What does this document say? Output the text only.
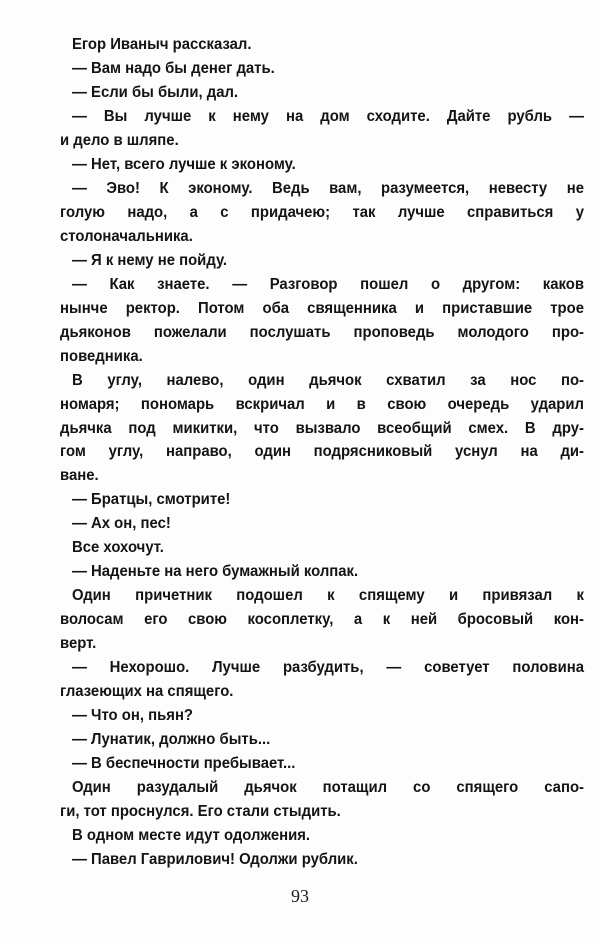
Егор Иваныч рассказал.
— Вам надо бы денег дать.
— Если бы были, дал.
— Вы лучше к нему на дом сходите. Дайте рубль —
и дело в шляпе.
— Нет, всего лучше к эконому.
— Эво! К эконому. Ведь вам, разумеется, невесту не
голую надо, а с придачею; так лучше справиться у
столоначальника.
— Я к нему не пойду.
— Как знаете. — Разговор пошел о другом: каков
нынче ректор. Потом оба священника и приставшие трое
дьяконов пожелали послушать проповедь молодого про-
поведника.
В углу, налево, один дьячок схватил за нос по-
номаря; пономарь вскричал и в свою очередь ударил
дьячка под микитки, что вызвало всеобщий смех. В дру-
гом углу, направо, один подрясниковый уснул на ди-
ване.
— Братцы, смотрите!
— Ах он, пес!
Все хохочут.
— Наденьте на него бумажный колпак.
Один причетник подошел к спящему и привязал к
волосам его свою косоплетку, а к ней бросовый кон-
верт.
— Нехорошо. Лучше разбудить, — советует половина
глазеющих на спящего.
— Что он, пьян?
— Лунатик, должно быть...
— В беспечности пребывает...
Один разудалый дьячок потащил со спящего сапо-
ги, тот проснулся. Его стали стыдить.
В одном месте идут одолжения.
— Павел Гаврилович! Одолжи рублик.
93
